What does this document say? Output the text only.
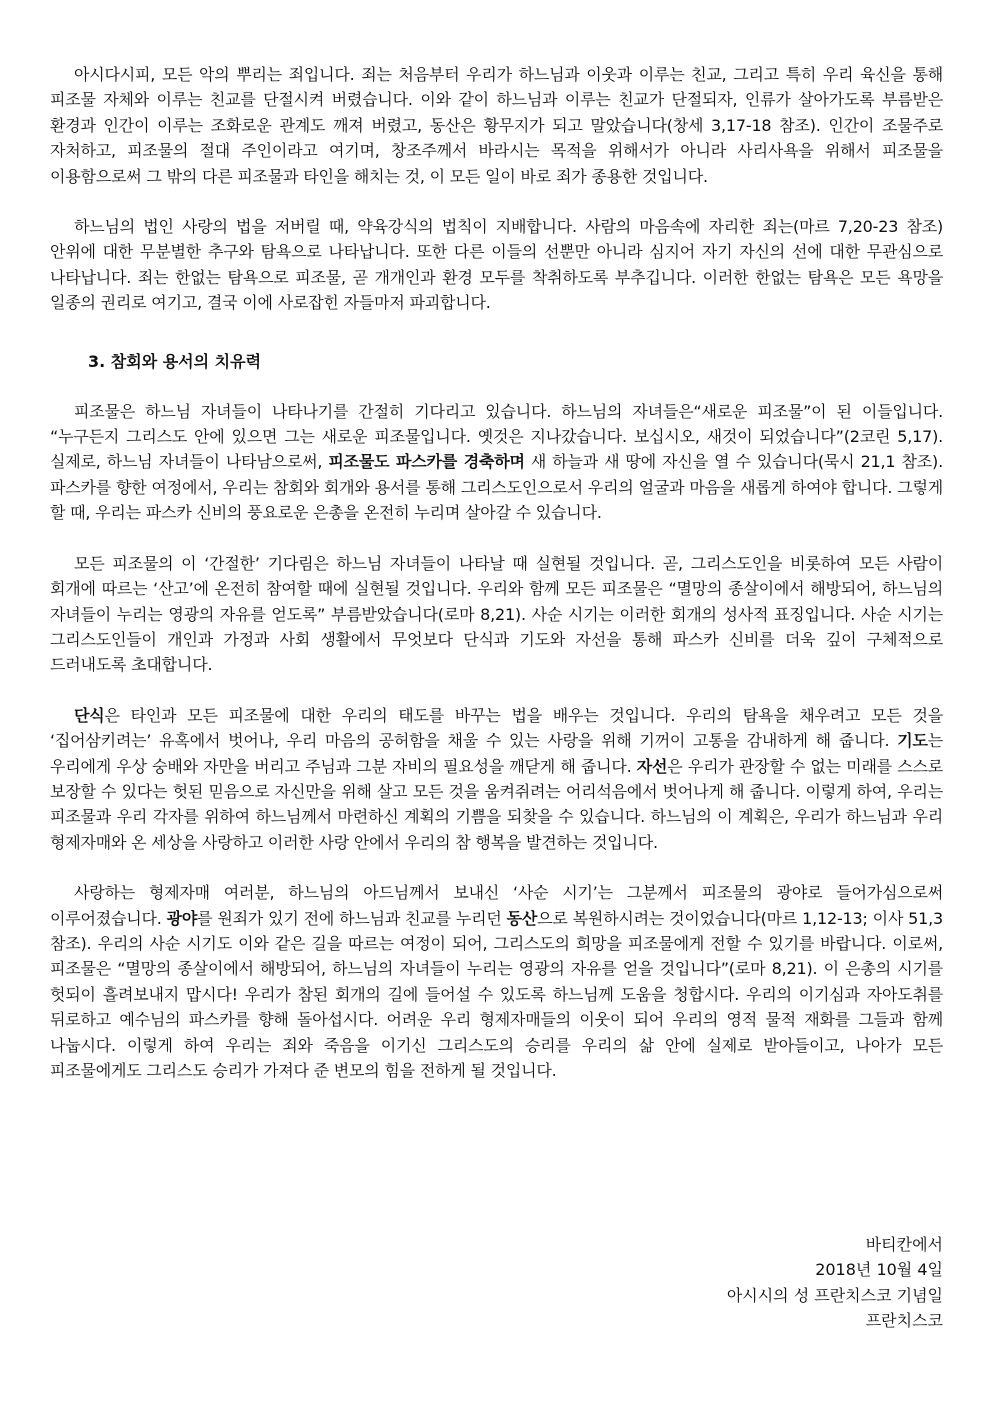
아시다시피, 모든 악의 뿌리는 죄입니다. 죄는 처음부터 우리가 하느님과 이웃과 이루는 친교, 그리고 특히 우리 육신을 통해 피조물 자체와 이루는 친교를 단절시켜 버렸습니다. 이와 같이 하느님과 이루는 친교가 단절되자, 인류가 살아가도록 부름받은 환경과 인간이 이루는 조화로운 관계도 깨져 버렸고, 동산은 황무지가 되고 말았습니다(창세 3,17-18 참조). 인간이 조물주로 자처하고, 피조물의 절대 주인이라고 여기며, 창조주께서 바라시는 목적을 위해서가 아니라 사리사욕을 위해서 피조물을 이용함으로써 그 밖의 다른 피조물과 타인을 해치는 것, 이 모든 일이 바로 죄가 종용한 것입니다.

하느님의 법인 사랑의 법을 저버릴 때, 약육강식의 법칙이 지배합니다. 사람의 마음속에 자리한 죄는(마르 7,20-23 참조) 안위에 대한 무분별한 추구와 탐욕으로 나타납니다. 또한 다른 이들의 선뿐만 아니라 심지어 자기 자신의 선에 대한 무관심으로 나타납니다. 죄는 한없는 탐욕으로 피조물, 곧 개개인과 환경 모두를 착취하도록 부추깁니다. 이러한 한없는 탐욕은 모든 욕망을 일종의 권리로 여기고, 결국 이에 사로잡힌 자들마저 파괴합니다.

3. 참회와 용서의 치유력

피조물은 하느님 자녀들이 나타나기를 간절히 기다리고 있습니다. 하느님의 자녀들은“새로운 피조물”이 된 이들입니다. “누구든지 그리스도 안에 있으면 그는 새로운 피조물입니다. 옛것은 지나갔습니다. 보십시오, 새것이 되었습니다”(2코린 5,17). 실제로, 하느님 자녀들이 나타남으로써, 피조물도 파스카를 경축하며 새 하늘과 새 땅에 자신을 열 수 있습니다(묵시 21,1 참조). 파스카를 향한 여정에서, 우리는 참회와 회개와 용서를 통해 그리스도인으로서 우리의 얼굴과 마음을 새롭게 하여야 합니다. 그렇게 할 때, 우리는 파스카 신비의 풍요로운 은총을 온전히 누리며 살아갈 수 있습니다.

모든 피조물의 이 ‘간절한’ 기다림은 하느님 자녀들이 나타날 때 실현될 것입니다. 곧, 그리스도인을 비롯하여 모든 사람이 회개에 따르는 ‘산고’에 온전히 참여할 때에 실현될 것입니다. 우리와 함께 모든 피조물은 “멸망의 종살이에서 해방되어, 하느님의 자녀들이 누리는 영광의 자유를 얻도록” 부름받았습니다(로마 8,21). 사순 시기는 이러한 회개의 성사적 표징입니다. 사순 시기는 그리스도인들이 개인과 가정과 사회 생활에서 무엇보다 단식과 기도와 자선을 통해 파스카 신비를 더욱 깊이 구체적으로 드러내도록 초대합니다.

단식은 타인과 모든 피조물에 대한 우리의 태도를 바꾸는 법을 배우는 것입니다. 우리의 탐욕을 채우려고 모든 것을 ‘집어삼키려는’ 유혹에서 벗어나, 우리 마음의 공허함을 채울 수 있는 사랑을 위해 기꺼이 고통을 감내하게 해 줍니다. 기도는 우리에게 우상 숭배와 자만을 버리고 주님과 그분 자비의 필요성을 깨닫게 해 줍니다. 자선은 우리가 관장할 수 없는 미래를 스스로 보장할 수 있다는 헛된 믿음으로 자신만을 위해 살고 모든 것을 움켜쥐려는 어리석음에서 벗어나게 해 줍니다. 이렇게 하여, 우리는 피조물과 우리 각자를 위하여 하느님께서 마련하신 계획의 기쁨을 되찾을 수 있습니다. 하느님의 이 계획은, 우리가 하느님과 우리 형제자매와 온 세상을 사랑하고 이러한 사랑 안에서 우리의 참 행복을 발견하는 것입니다.

사랑하는 형제자매 여러분, 하느님의 아드님께서 보내신 ‘사순 시기’는 그분께서 피조물의 광야로 들어가심으로써 이루어졌습니다. 광야를 원죄가 있기 전에 하느님과 친교를 누리던 동산으로 복원하시려는 것이었습니다(마르 1,12-13; 이사 51,3 참조). 우리의 사순 시기도 이와 같은 길을 따르는 여정이 되어, 그리스도의 희망을 피조물에게 전할 수 있기를 바랍니다. 이로써, 피조물은 “멸망의 종살이에서 해방되어, 하느님의 자녀들이 누리는 영광의 자유를 얻을 것입니다”(로마 8,21). 이 은총의 시기를 헛되이 흘려보내지 맙시다! 우리가 참된 회개의 길에 들어설 수 있도록 하느님께 도움을 청합시다. 우리의 이기심과 자아도취를 뒤로하고 예수님의 파스카를 향해 돌아섭시다. 어려운 우리 형제자매들의 이웃이 되어 우리의 영적 물적 재화를 그들과 함께 나눕시다. 이렇게 하여 우리는 죄와 죽음을 이기신 그리스도의 승리를 우리의 삶 안에 실제로 받아들이고, 나아가 모든 피조물에게도 그리스도 승리가 가져다 준 변모의 힘을 전하게 될 것입니다.

바티칸에서
2018년 10월 4일
아시시의 성 프란치스코 기념일
프란치스코
